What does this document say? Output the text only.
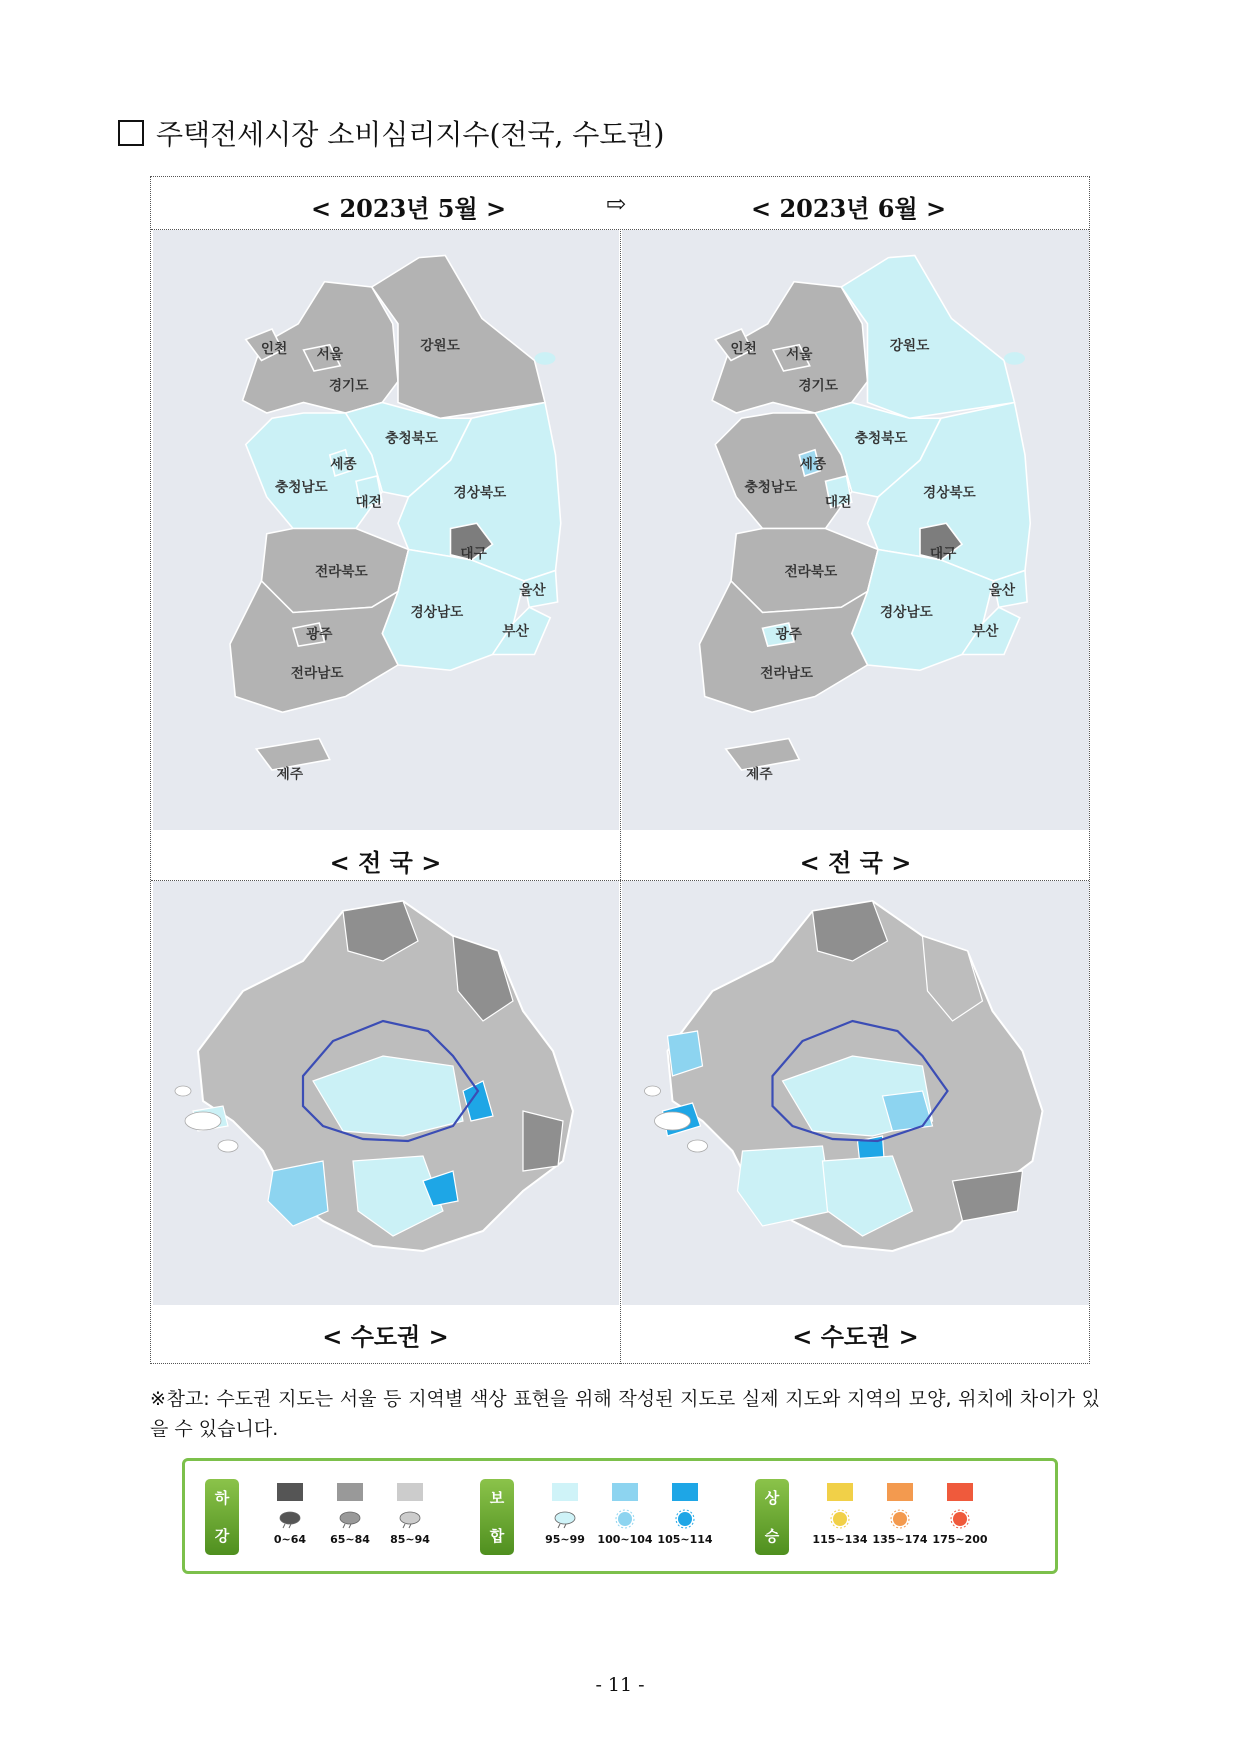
주택전세시장 소비심리지수(전국, 수도권)
< 2023년 5월 >	⇨	< 2023년 6월 >
인천 서울
강원도
경기도
충청북도
세종
충청남도
대전
경상북도
대구
전라북도
울산
경상남도
광주	부산
전라남도
제주
인천 서울
강원도
경기도
충청북도
세종
충청남도
대전
경상북도
대구
전라북도
울산
경상남도
광주	부산
전라남도
제주
< 전 국 >	< 전 국 >
< 수도권 >	< 수도권 >
※참고: 수도권 지도는 서울 등 지역별 색상 표현을 위해 작성된 지도로 실제 지도와 지역의 모양, 위치에 차이가 있을 수 있습니다.
하
강	0~64	65~84	85~94
보
합	95~99	100~104 105~114
상
승	115~134 135~174 175~200
- 11 -
